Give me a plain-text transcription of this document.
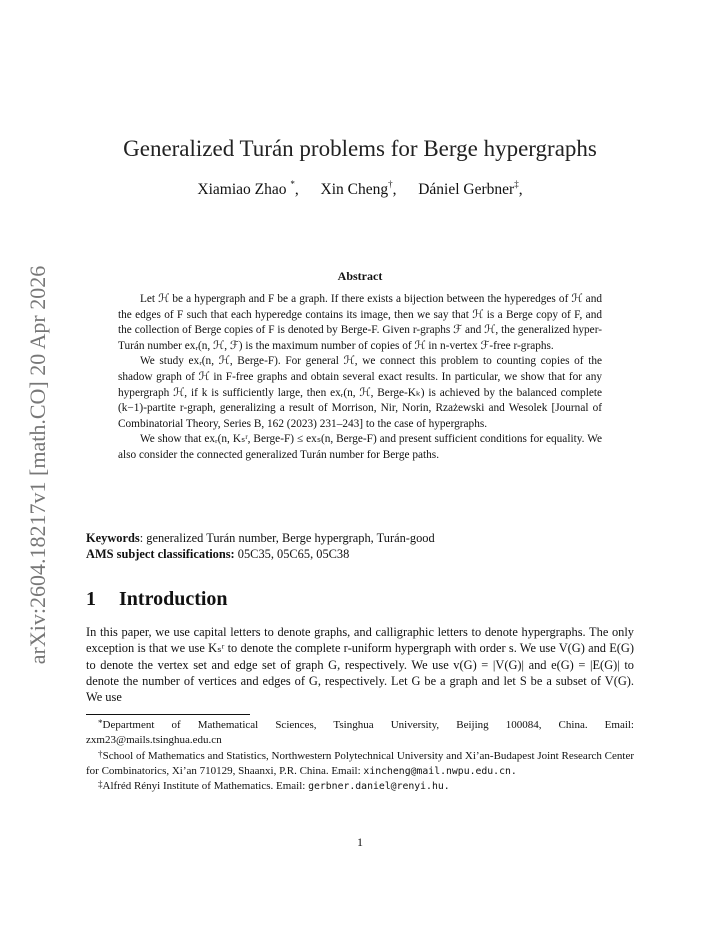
arXiv:2604.18217v1 [math.CO] 20 Apr 2026
Generalized Turán problems for Berge hypergraphs
Xiamiao Zhao *, Xin Cheng†, Dániel Gerbner‡,
Abstract

Let ℋ be a hypergraph and F be a graph. If there exists a bijection between the hyperedges of ℋ and the edges of F such that each hyperedge contains its image, then we say that ℋ is a Berge copy of F, and the collection of Berge copies of F is denoted by Berge-F. Given r-graphs ℱ and ℋ, the generalized hyper-Turán number exᵣ(n, ℋ, ℱ) is the maximum number of copies of ℋ in n-vertex ℱ-free r-graphs.

We study exᵣ(n, ℋ, Berge-F). For general ℋ, we connect this problem to counting copies of the shadow graph of ℋ in F-free graphs and obtain several exact results. In particular, we show that for any hypergraph ℋ, if k is sufficiently large, then exᵣ(n, ℋ, Berge-Kₖ) is achieved by the balanced complete (k−1)-partite r-graph, generalizing a result of Morrison, Nir, Norin, Rzażewski and Wesolek [Journal of Combinatorial Theory, Series B, 162 (2023) 231–243] to the case of hypergraphs.

We show that exᵣ(n, Kₛʳ, Berge-F) ≤ exₛ(n, Berge-F) and present sufficient conditions for equality. We also consider the connected generalized Turán number for Berge paths.

Keywords: generalized Turán number, Berge hypergraph, Turán-good
AMS subject classifications: 05C35, 05C65, 05C38
1 Introduction
In this paper, we use capital letters to denote graphs, and calligraphic letters to denote hypergraphs. The only exception is that we use Kₛʳ to denote the complete r-uniform hypergraph with order s. We use V(G) and E(G) to denote the vertex set and edge set of graph G, respectively. We use v(G) = |V(G)| and e(G) = |E(G)| to denote the number of vertices and edges of G, respectively. Let G be a graph and let S be a subset of V(G). We use

*Department of Mathematical Sciences, Tsinghua University, Beijing 100084, China. Email: zxm23@mails.tsinghua.edu.cn

†School of Mathematics and Statistics, Northwestern Polytechnical University and Xi’an-Budapest Joint Research Center for Combinatorics, Xi’an 710129, Shaanxi, P.R. China. Email: xincheng@mail.nwpu.edu.cn.

‡Alfréd Rényi Institute of Mathematics. Email: gerbner.daniel@renyi.hu.

1
